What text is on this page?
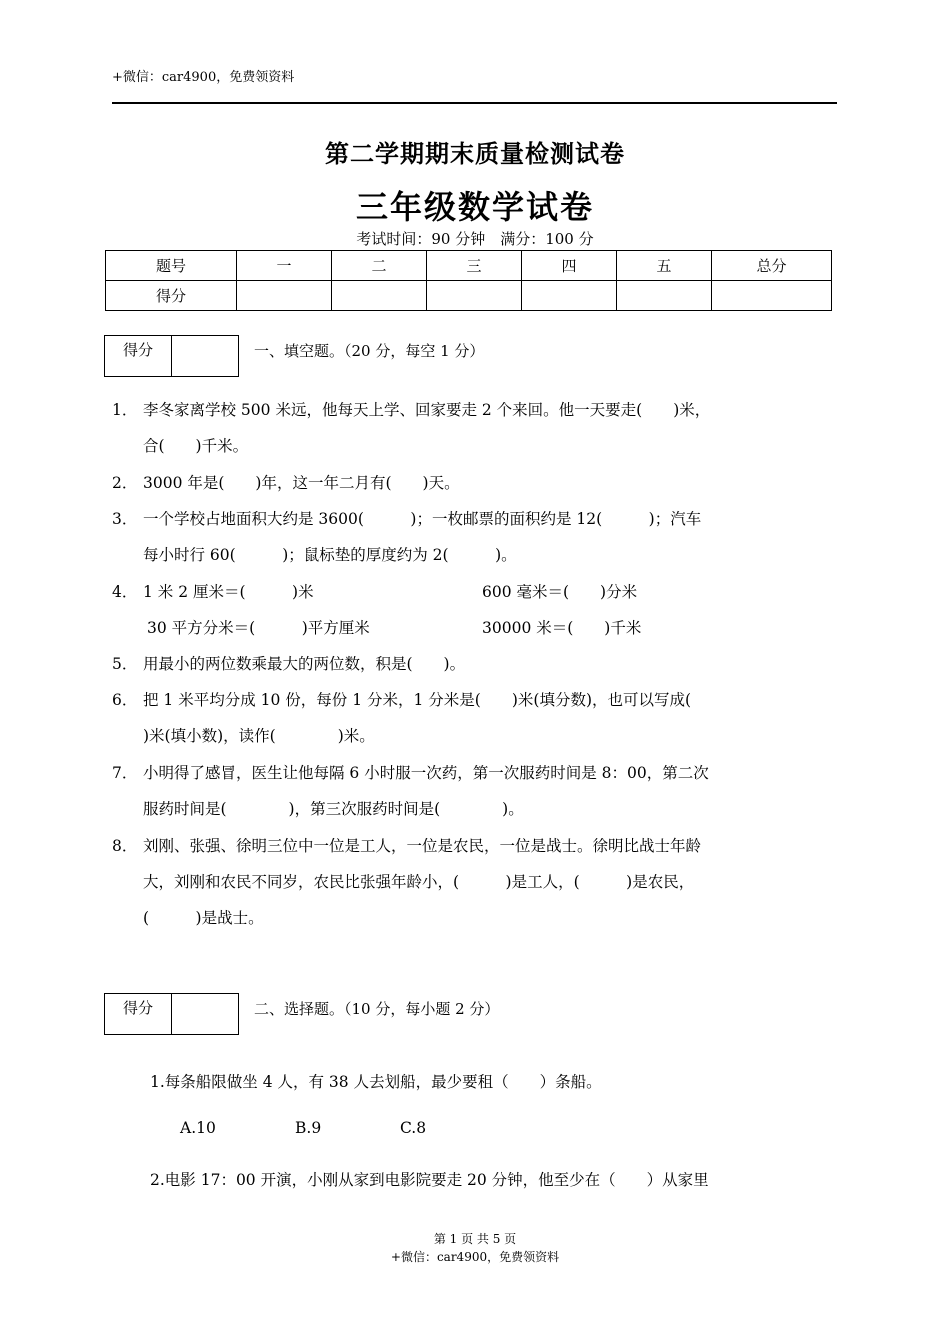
+微信：car4900，免费领资料
第二学期期末质量检测试卷
三年级数学试卷
考试时间：90 分钟　满分：100 分
题号	一	二	三	四	五	总分
得分						
得分	一、填空题。（20 分，每空 1 分）
1． 李冬家离学校 500 米远，他每天上学、回家要走 2 个来回。他一天要走(　　)米，
合(　　)千米。
2． 3000 年是(　　)年，这一年二月有(　　)天。
3． 一个学校占地面积大约是 3600(　　　)；一枚邮票的面积约是 12(　　　)；汽车
每小时行 60(　　　)；鼠标垫的厚度约为 2(　　　)。
4． 1 米 2 厘米＝(　　　)米	600 毫米＝(　　)分米
30 平方分米＝(　　　)平方厘米	30000 米＝(　　)千米
5． 用最小的两位数乘最大的两位数，积是(　　)。
6． 把 1 米平均分成 10 份，每份 1 分米，1 分米是(　　)米(填分数)，也可以写成(
)米(填小数)，读作(　　　　)米。
7． 小明得了感冒，医生让他每隔 6 小时服一次药，第一次服药时间是 8：00，第二次
服药时间是(　　　　)，第三次服药时间是(　　　　)。
8． 刘刚、张强、徐明三位中一位是工人，一位是农民，一位是战士。徐明比战士年龄
大，刘刚和农民不同岁，农民比张强年龄小，(　　　)是工人，(　　　)是农民，
(　　　)是战士。
得分	二、选择题。（10 分，每小题 2 分）
1.每条船限做坐 4 人，有 38 人去划船，最少要租（　　）条船。
A.10	B.9	C.8
2.电影 17：00 开演，小刚从家到电影院要走 20 分钟，他至少在（　　）从家里
第 1 页 共 5 页
+微信：car4900，免费领资料
